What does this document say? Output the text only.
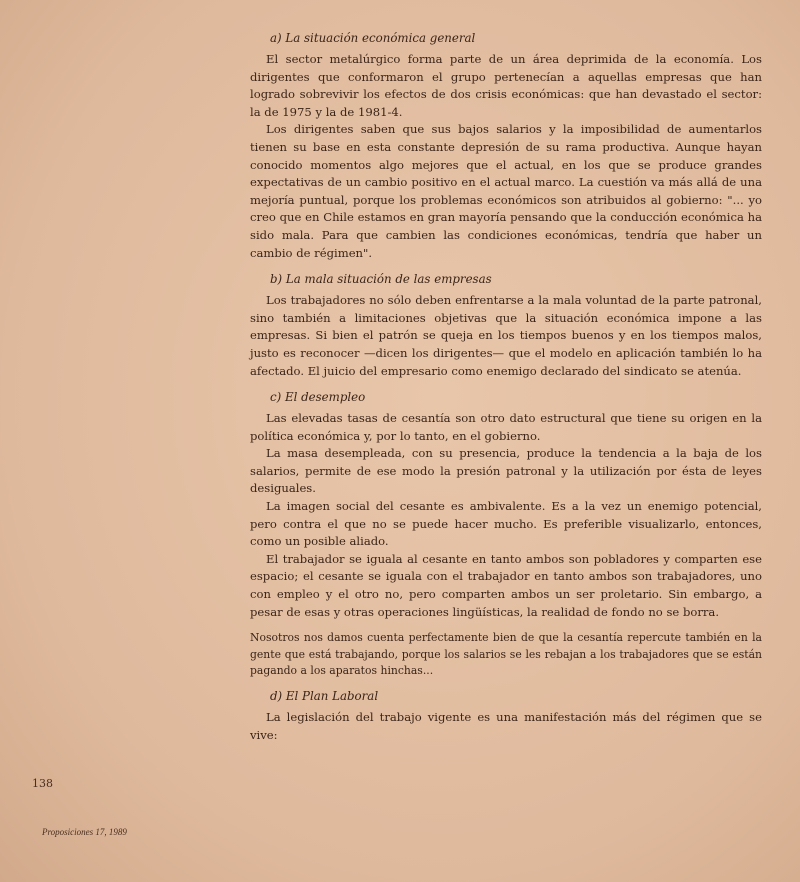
a) La situación económica general

El sector metalúrgico forma parte de un área deprimida de la economía. Los dirigentes que conformaron el grupo pertenecían a aquellas empresas que han logrado sobrevivir los efectos de dos crisis económicas: que han devastado el sector: la de 1975 y la de 1981-4.

Los dirigentes saben que sus bajos salarios y la imposibilidad de aumentarlos tienen su base en esta constante depresión de su rama productiva. Aunque hayan conocido momentos algo mejores que el actual, en los que se produce grandes expectativas de un cambio positivo en el actual marco. La cuestión va más allá de una mejoría puntual, porque los problemas económicos son atribuidos al gobierno: "... yo creo que en Chile estamos en gran mayoría pensando que la conducción económica ha sido mala. Para que cambien las condiciones económicas, tendría que haber un cambio de régimen".

b) La mala situación de las empresas

Los trabajadores no sólo deben enfrentarse a la mala voluntad de la parte patronal, sino también a limitaciones objetivas que la situación económica impone a las empresas. Si bien el patrón se queja en los tiempos buenos y en los tiempos malos, justo es reconocer —dicen los dirigentes— que el modelo en aplicación también lo ha afectado. El juicio del empresario como enemigo declarado del sindicato se atenúa.

c) El desempleo

Las elevadas tasas de cesantía son otro dato estructural que tiene su origen en la política económica y, por lo tanto, en el gobierno.

La masa desempleada, con su presencia, produce la tendencia a la baja de los salarios, permite de ese modo la presión patronal y la utilización por ésta de leyes desiguales.

La imagen social del cesante es ambivalente. Es a la vez un enemigo potencial, pero contra el que no se puede hacer mucho. Es preferible visualizarlo, entonces, como un posible aliado.

El trabajador se iguala al cesante en tanto ambos son pobladores y comparten ese espacio; el cesante se iguala con el trabajador en tanto ambos son trabajadores, uno con empleo y el otro no, pero comparten ambos un ser proletario. Sin embargo, a pesar de esas y otras operaciones lingüísticas, la realidad de fondo no se borra.

Nosotros nos damos cuenta perfectamente bien de que la cesantía repercute también en la gente que está trabajando, porque los salarios se les rebajan a los trabajadores que se están pagando a los aparatos hinchas...

d) El Plan Laboral

La legislación del trabajo vigente es una manifestación más del régimen que se vive:

138
Proposiciones 17, 1989
